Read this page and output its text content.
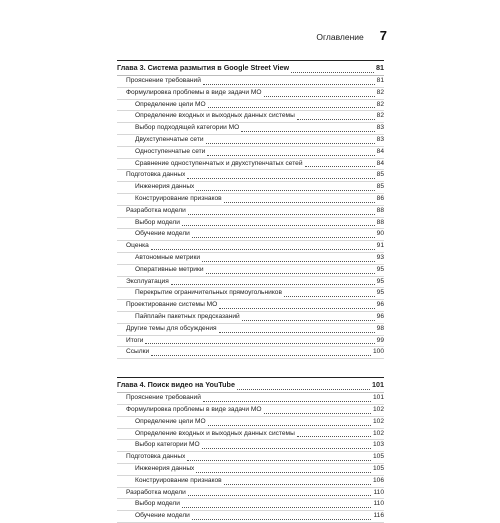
Оглавление 7
Глава 3. Система размытия в Google Street View	81
Прояснение требований	81
Формулировка проблемы в виде задачи МО	82
Определение цели МО	82
Определение входных и выходных данных системы	82
Выбор подходящей категории МО	83
Двухступенчатые сети	83
Одноступенчатые сети	84
Сравнение одноступенчатых и двухступенчатых сетей	84
Подготовка данных	85
Инженерия данных	85
Конструирование признаков	86
Разработка модели	88
Выбор модели	88
Обучение модели	90
Оценка	91
Автономные метрики	93
Оперативные метрики	95
Эксплуатация	95
Перекрытие ограничительных прямоугольников	95
Проектирование системы МО	96
Пайплайн пакетных предсказаний	96
Другие темы для обсуждения	98
Итоги	99
Ссылки	100
Глава 4. Поиск видео на YouTube	101
Прояснение требований	101
Формулировка проблемы в виде задачи МО	102
Определение цели МО	102
Определение входных и выходных данных системы	102
Выбор категории МО	103
Подготовка данных	105
Инженерия данных	105
Конструирование признаков	106
Разработка модели	110
Выбор модели	110
Обучение модели	116
